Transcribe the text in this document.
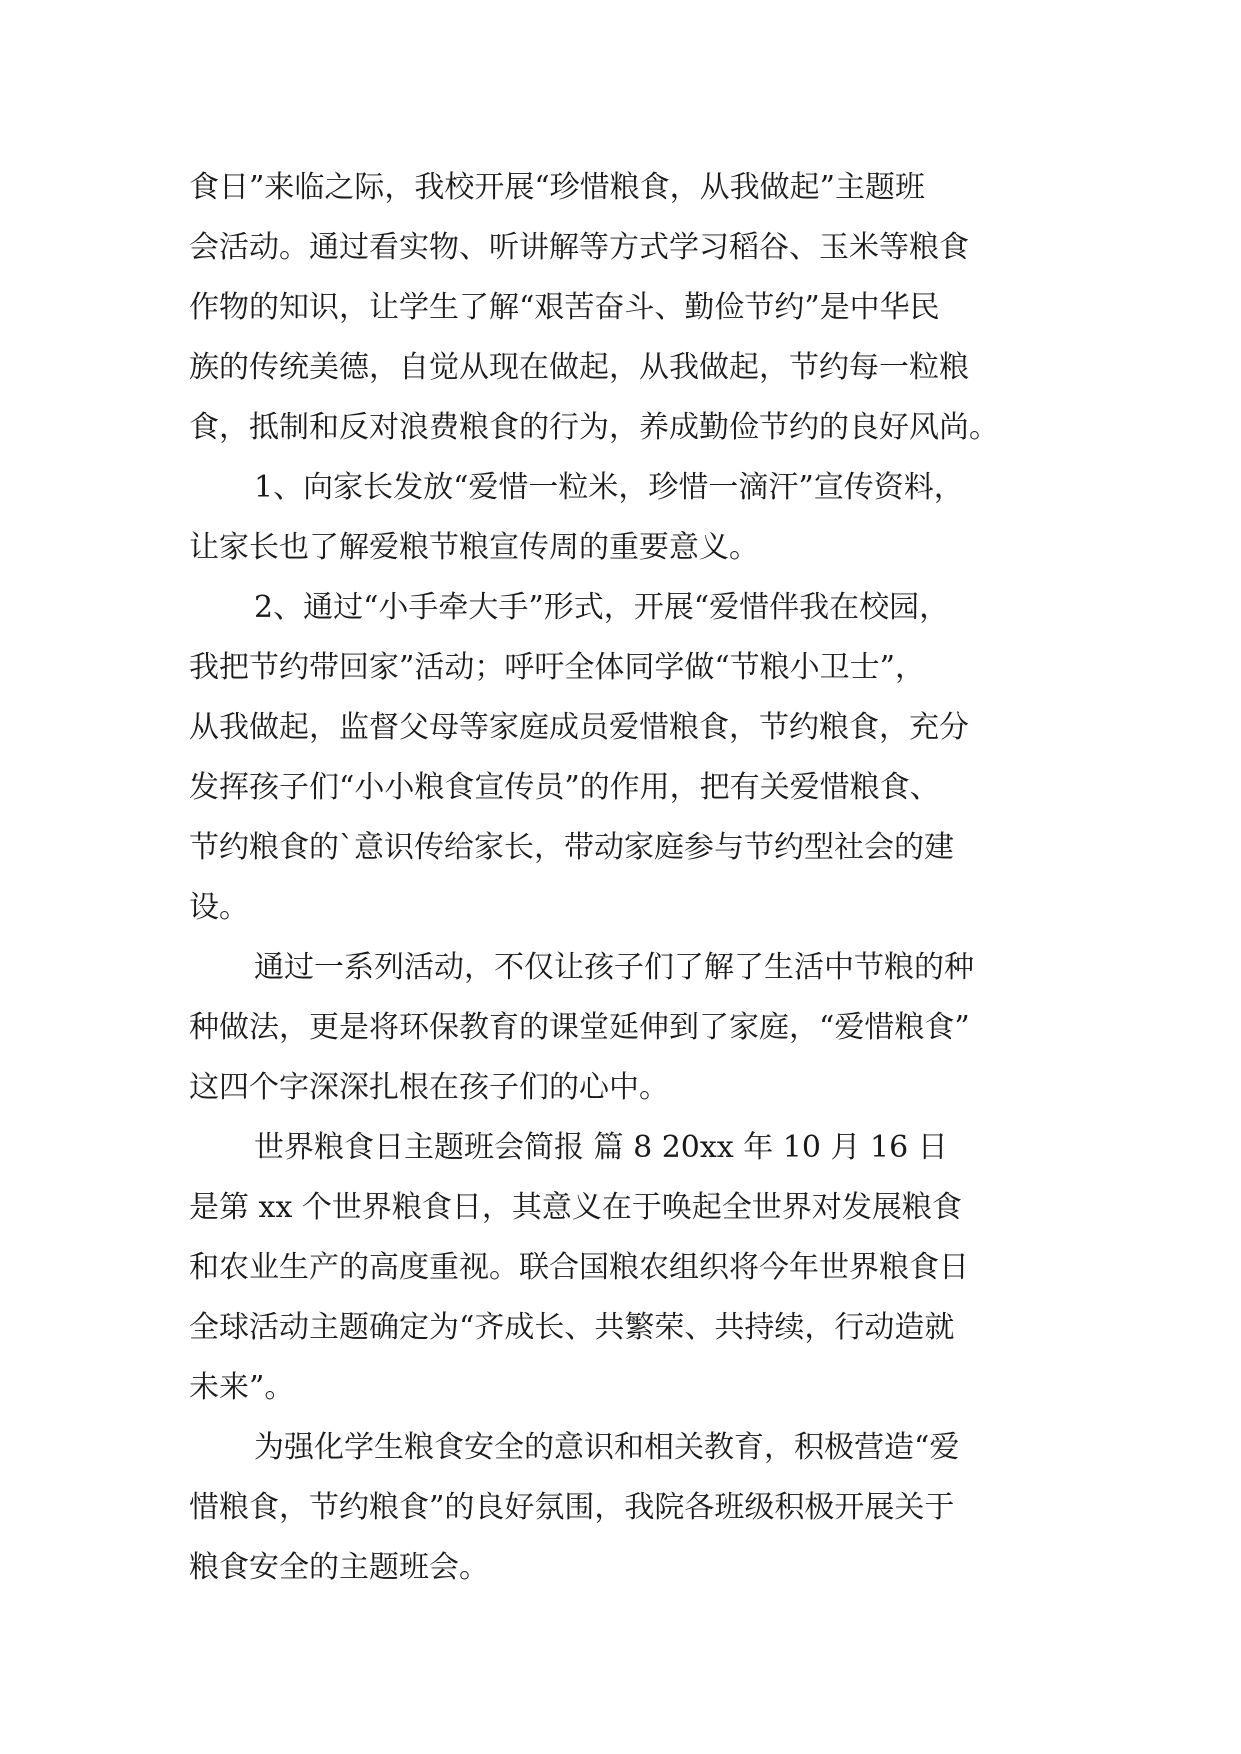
食日”来临之际，我校开展“珍惜粮食，从我做起”主题班
会活动。通过看实物、听讲解等方式学习稻谷、玉米等粮食
作物的知识，让学生了解“艰苦奋斗、勤俭节约”是中华民
族的传统美德，自觉从现在做起，从我做起，节约每一粒粮
食，抵制和反对浪费粮食的行为，养成勤俭节约的良好风尚。
1、向家长发放“爱惜一粒米，珍惜一滴汗”宣传资料，
让家长也了解爱粮节粮宣传周的重要意义。
2、通过“小手牵大手”形式，开展“爱惜伴我在校园，
我把节约带回家”活动；呼吁全体同学做“节粮小卫士”，
从我做起，监督父母等家庭成员爱惜粮食，节约粮食，充分
发挥孩子们“小小粮食宣传员”的作用，把有关爱惜粮食、
节约粮食的`意识传给家长，带动家庭参与节约型社会的建
设。
通过一系列活动，不仅让孩子们了解了生活中节粮的种
种做法，更是将环保教育的课堂延伸到了家庭，“爱惜粮食”
这四个字深深扎根在孩子们的心中。
世界粮食日主题班会简报 篇 8 20xx 年 10 月 16 日
是第 xx 个世界粮食日，其意义在于唤起全世界对发展粮食
和农业生产的高度重视。联合国粮农组织将今年世界粮食日
全球活动主题确定为“齐成长、共繁荣、共持续，行动造就
未来”。
为强化学生粮食安全的意识和相关教育，积极营造“爱
惜粮食，节约粮食”的良好氛围，我院各班级积极开展关于
粮食安全的主题班会。
